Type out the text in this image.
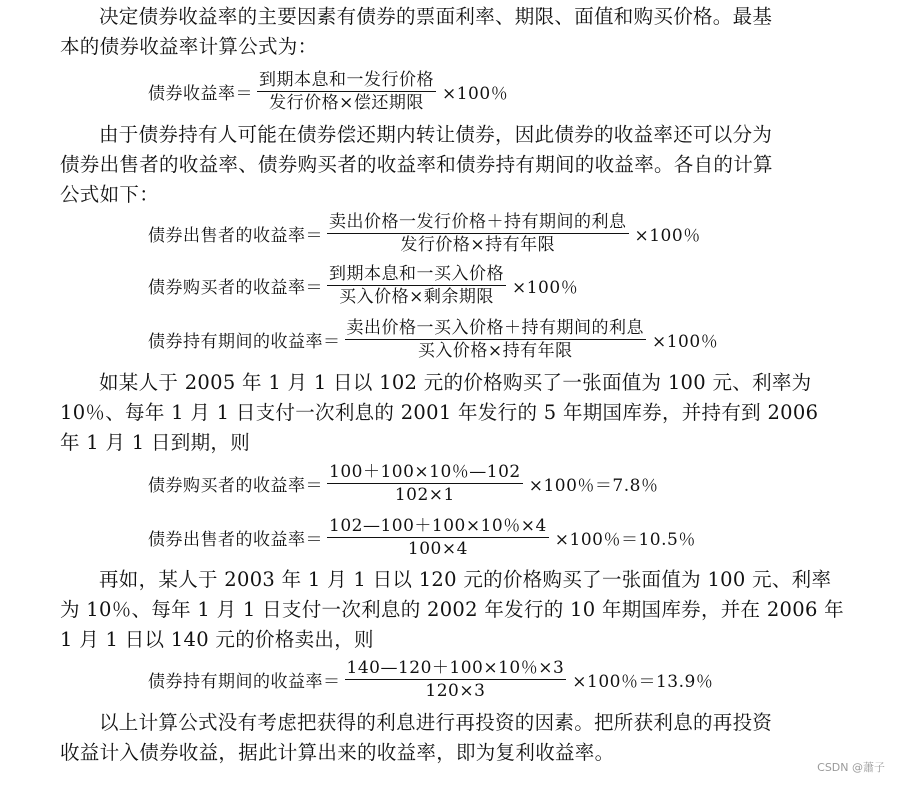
决定债券收益率的主要因素有债券的票面利率、期限、面值和购买价格。最基
本的债券收益率计算公式为：

债券收益率＝ $\frac{\text{到期本息和一发行价格}}{\text{发行价格×偿还期限}} \times 100$％

由于债券持有人可能在债券偿还期内转让债券，因此债券的收益率还可以分为
债券出售者的收益率、债券购买者的收益率和债券持有期间的收益率。各自的计算
公式如下：

债券出售者的收益率＝ $\frac{\text{卖出价格一发行价格＋持有期间的利息}}{\text{发行价格×持有年限}} \times 100$％
债券购买者的收益率＝ $\frac{\text{到期本息和一买入价格}}{\text{买入价格×剩余期限}} \times 100$％
债券持有期间的收益率＝ $\frac{\text{卖出价格一买入价格＋持有期间的利息}}{\text{买入价格×持有年限}} \times 100$％

如某人于 2005 年 1 月 1 日以 102 元的价格购买了一张面值为 100 元、利率为
10％、每年 1 月 1 日支付一次利息的 2001 年发行的 5 年期国库券，并持有到 2006
年 1 月 1 日到期，则

债券购买者的收益率＝ $\frac{100+100\times 10\%—102}{102\times 1} \times 100$％＝7.8％
债券出售者的收益率＝ $\frac{102—100+100\times 10\%\times 4}{100\times 4} \times 100$％＝10.5％

再如，某人于 2003 年 1 月 1 日以 120 元的价格购买了一张面值为 100 元、利率
为 10％、每年 1 月 1 日支付一次利息的 2002 年发行的 10 年期国库券，并在 2006 年
1 月 1 日以 140 元的价格卖出，则

债券持有期间的收益率＝ $\frac{140—120+100\times 10\%\times 3}{120\times 3} \times 100$％＝13.9％

以上计算公式没有考虑把获得的利息进行再投资的因素。把所获利息的再投资
收益计入债券收益，据此计算出来的收益率，即为复利收益率。

CSDN @蕭子
